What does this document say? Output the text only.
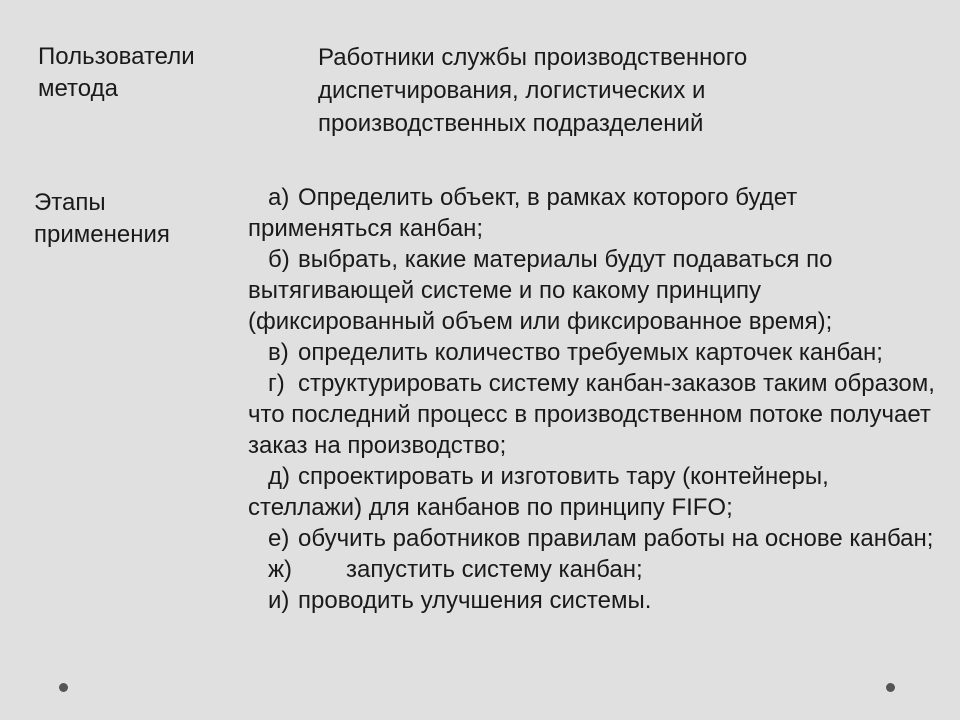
Пользователи
метода
Работники службы производственного
диспетчирования, логистических и
производственных подразделений
Этапы
применения
а) Определить объект, в рамках которого будет применяться канбан;
б) выбрать, какие материалы будут подаваться по вытягивающей системе и по какому принципу (фиксированный объем или фиксированное время);
в) определить количество требуемых карточек канбан;
г) структурировать систему канбан-заказов таким образом, что последний процесс в производственном потоке получает заказ на производство;
д) спроектировать и изготовить тару (контейнеры, стеллажи) для канбанов по принципу FIFO;
е) обучить работников правилам работы на основе канбан;
ж) запустить систему канбан;
и) проводить улучшения системы.
